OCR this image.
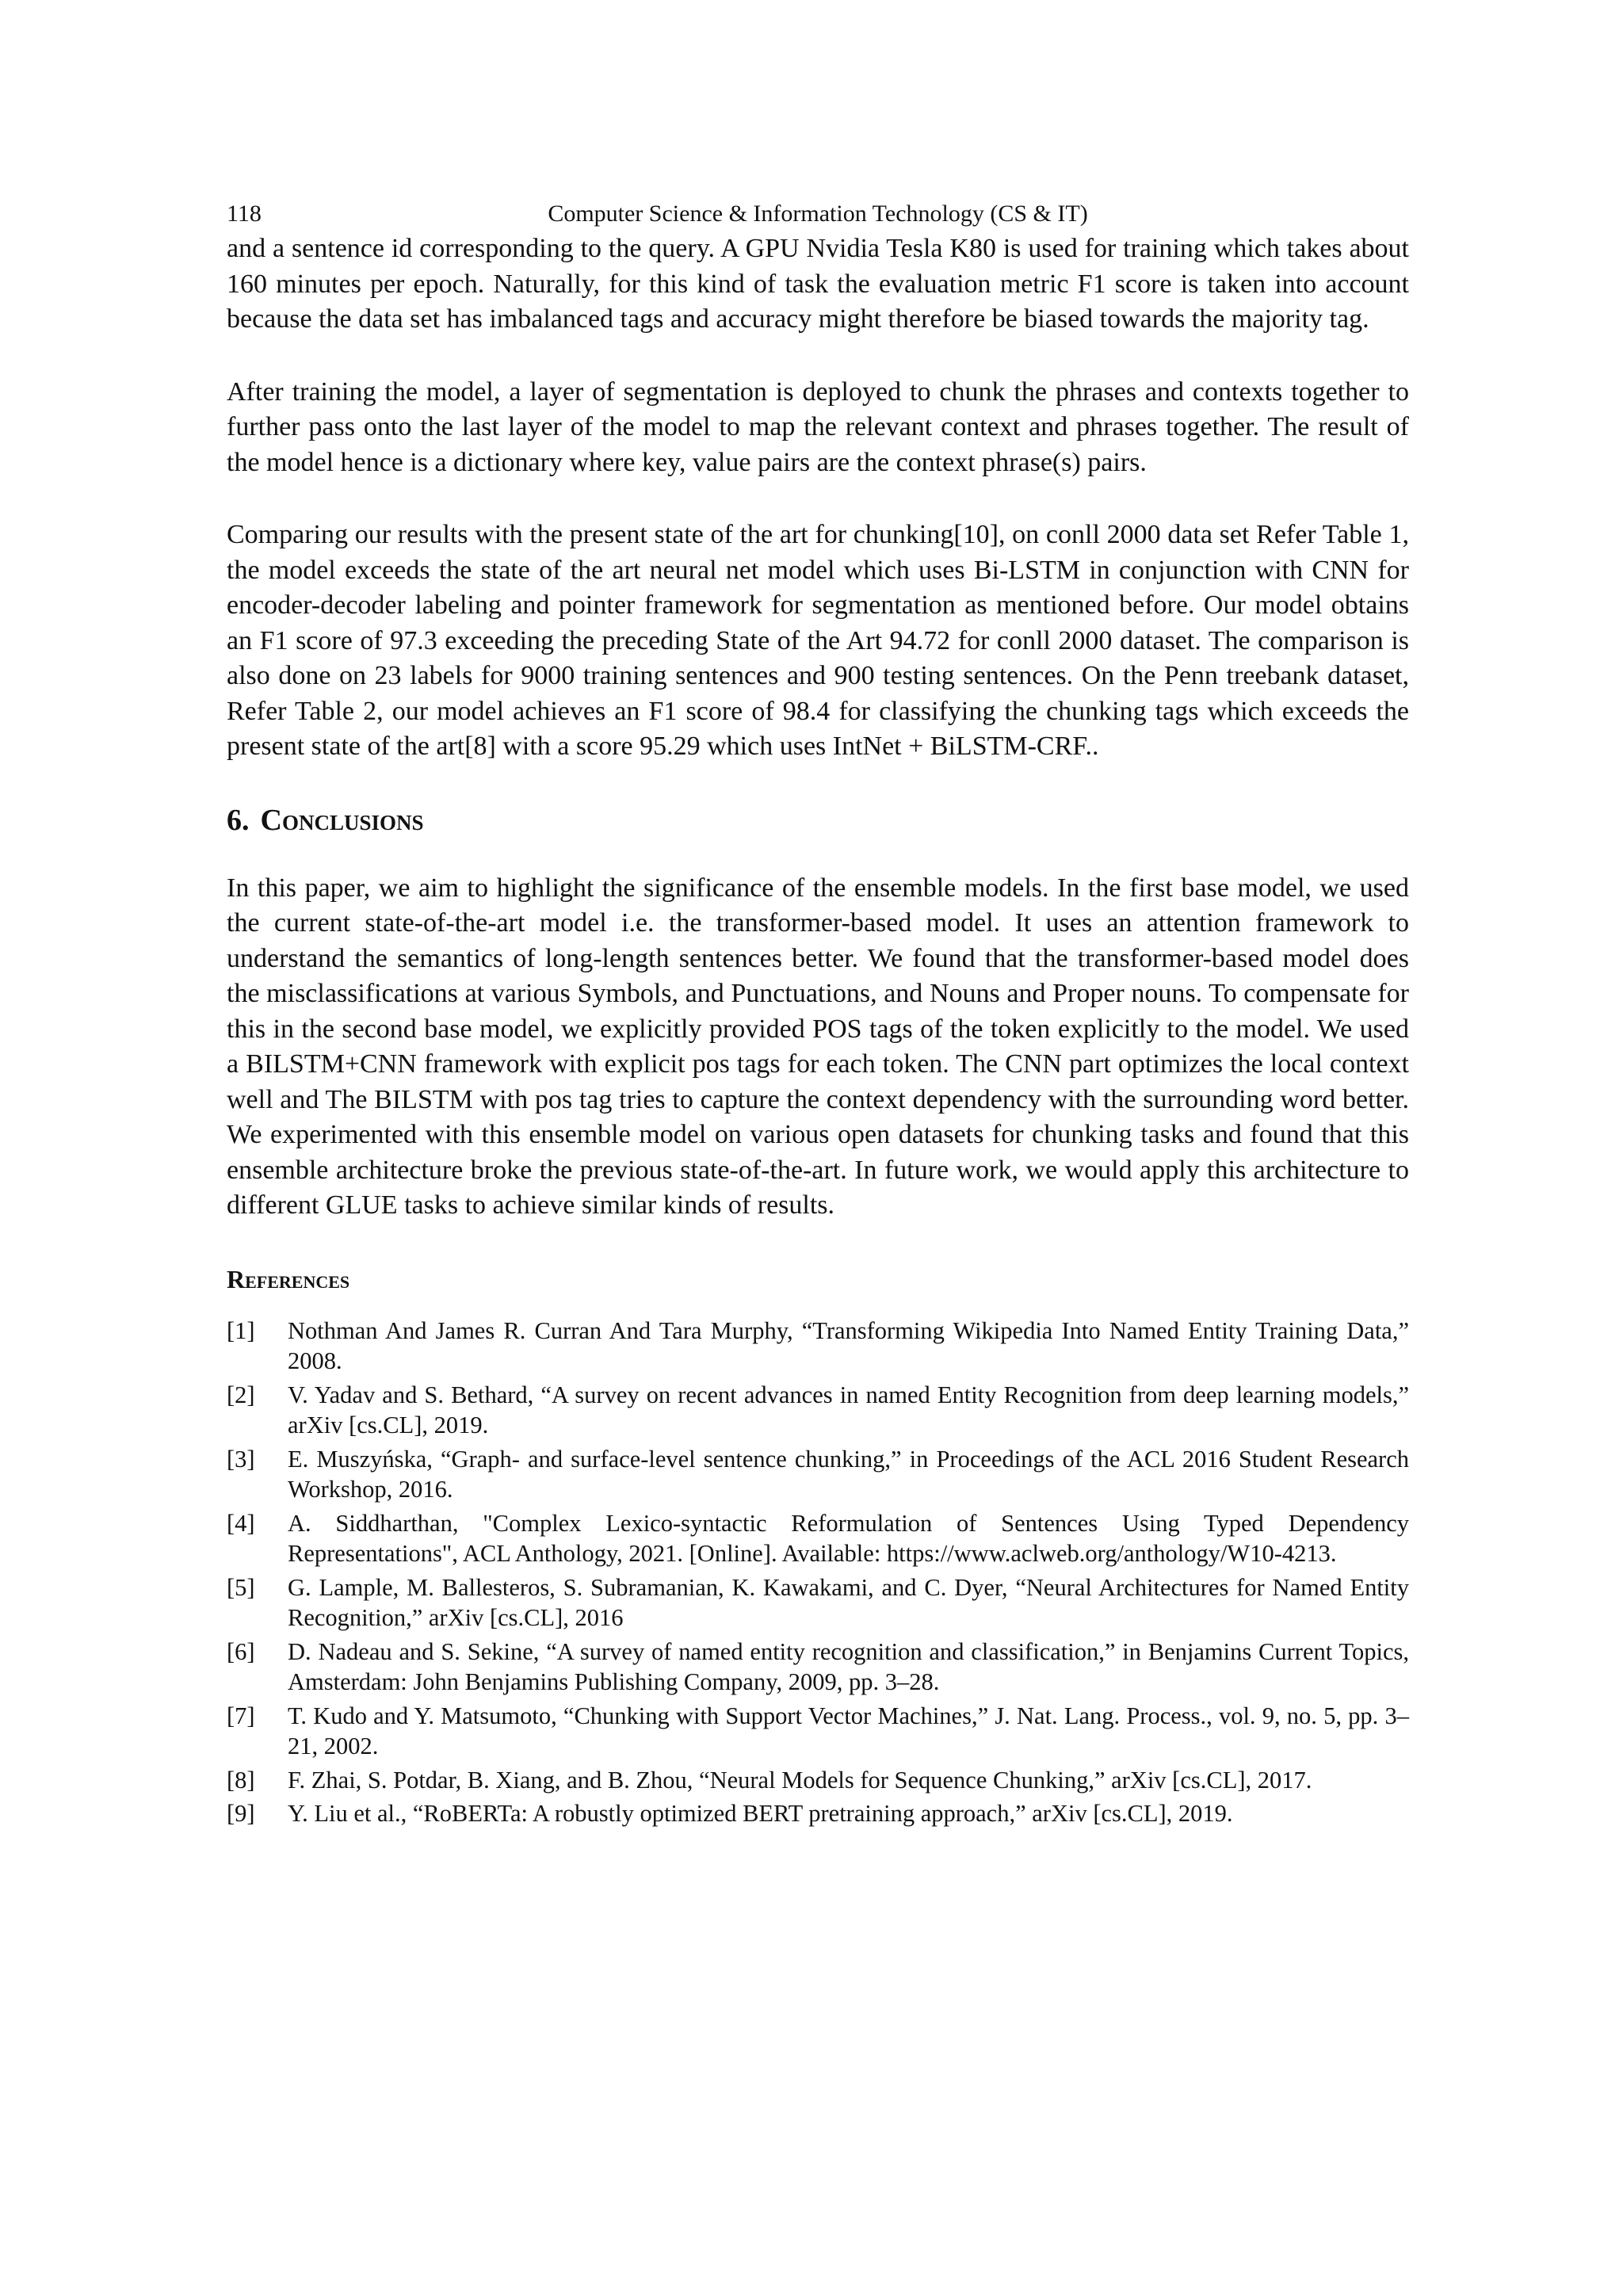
118	Computer Science & Information Technology (CS & IT)

and a sentence id corresponding to the query. A GPU Nvidia Tesla K80 is used for training which takes about 160 minutes per epoch. Naturally, for this kind of task the evaluation metric F1 score is taken into account because the data set has imbalanced tags and accuracy might therefore be biased towards the majority tag.

After training the model, a layer of segmentation is deployed to chunk the phrases and contexts together to further pass onto the last layer of the model to map the relevant context and phrases together. The result of the model hence is a dictionary where key, value pairs are the context phrase(s) pairs.

Comparing our results with the present state of the art for chunking[10], on conll 2000 data set Refer Table 1, the model exceeds the state of the art neural net model which uses Bi-LSTM in conjunction with CNN for encoder-decoder labeling and pointer framework for segmentation as mentioned before. Our model obtains an F1 score of 97.3 exceeding the preceding State of the Art 94.72 for conll 2000 dataset. The comparison is also done on 23 labels for 9000 training sentences and 900 testing sentences. On the Penn treebank dataset, Refer Table 2, our model achieves an F1 score of 98.4 for classifying the chunking tags which exceeds the present state of the art[8] with a score 95.29 which uses IntNet + BiLSTM-CRF..

6. Conclusions

In this paper, we aim to highlight the significance of the ensemble models. In the first base model, we used the current state-of-the-art model i.e. the transformer-based model. It uses an attention framework to understand the semantics of long-length sentences better. We found that the transformer-based model does the misclassifications at various Symbols, and Punctuations, and Nouns and Proper nouns. To compensate for this in the second base model, we explicitly provided POS tags of the token explicitly to the model. We used a BILSTM+CNN framework with explicit pos tags for each token. The CNN part optimizes the local context well and The BILSTM with pos tag tries to capture the context dependency with the surrounding word better. We experimented with this ensemble model on various open datasets for chunking tasks and found that this ensemble architecture broke the previous state-of-the-art. In future work, we would apply this architecture to different GLUE tasks to achieve similar kinds of results.

References
[1] Nothman And James R. Curran And Tara Murphy, “Transforming Wikipedia Into Named Entity Training Data,” 2008.
[2] V. Yadav and S. Bethard, “A survey on recent advances in named Entity Recognition from deep learning models,” arXiv [cs.CL], 2019.
[3] E. Muszyńska, “Graph- and surface-level sentence chunking,” in Proceedings of the ACL 2016 Student Research Workshop, 2016.
[4] A. Siddharthan, "Complex Lexico-syntactic Reformulation of Sentences Using Typed Dependency Representations", ACL Anthology, 2021. [Online]. Available: https://www.aclweb.org/anthology/W10-4213.
[5] G. Lample, M. Ballesteros, S. Subramanian, K. Kawakami, and C. Dyer, “Neural Architectures for Named Entity Recognition,” arXiv [cs.CL], 2016
[6] D. Nadeau and S. Sekine, “A survey of named entity recognition and classification,” in Benjamins Current Topics, Amsterdam: John Benjamins Publishing Company, 2009, pp. 3–28.
[7] T. Kudo and Y. Matsumoto, “Chunking with Support Vector Machines,” J. Nat. Lang. Process., vol. 9, no. 5, pp. 3–21, 2002.
[8] F. Zhai, S. Potdar, B. Xiang, and B. Zhou, “Neural Models for Sequence Chunking,” arXiv [cs.CL], 2017.
[9] Y. Liu et al., “RoBERTa: A robustly optimized BERT pretraining approach,” arXiv [cs.CL], 2019.
